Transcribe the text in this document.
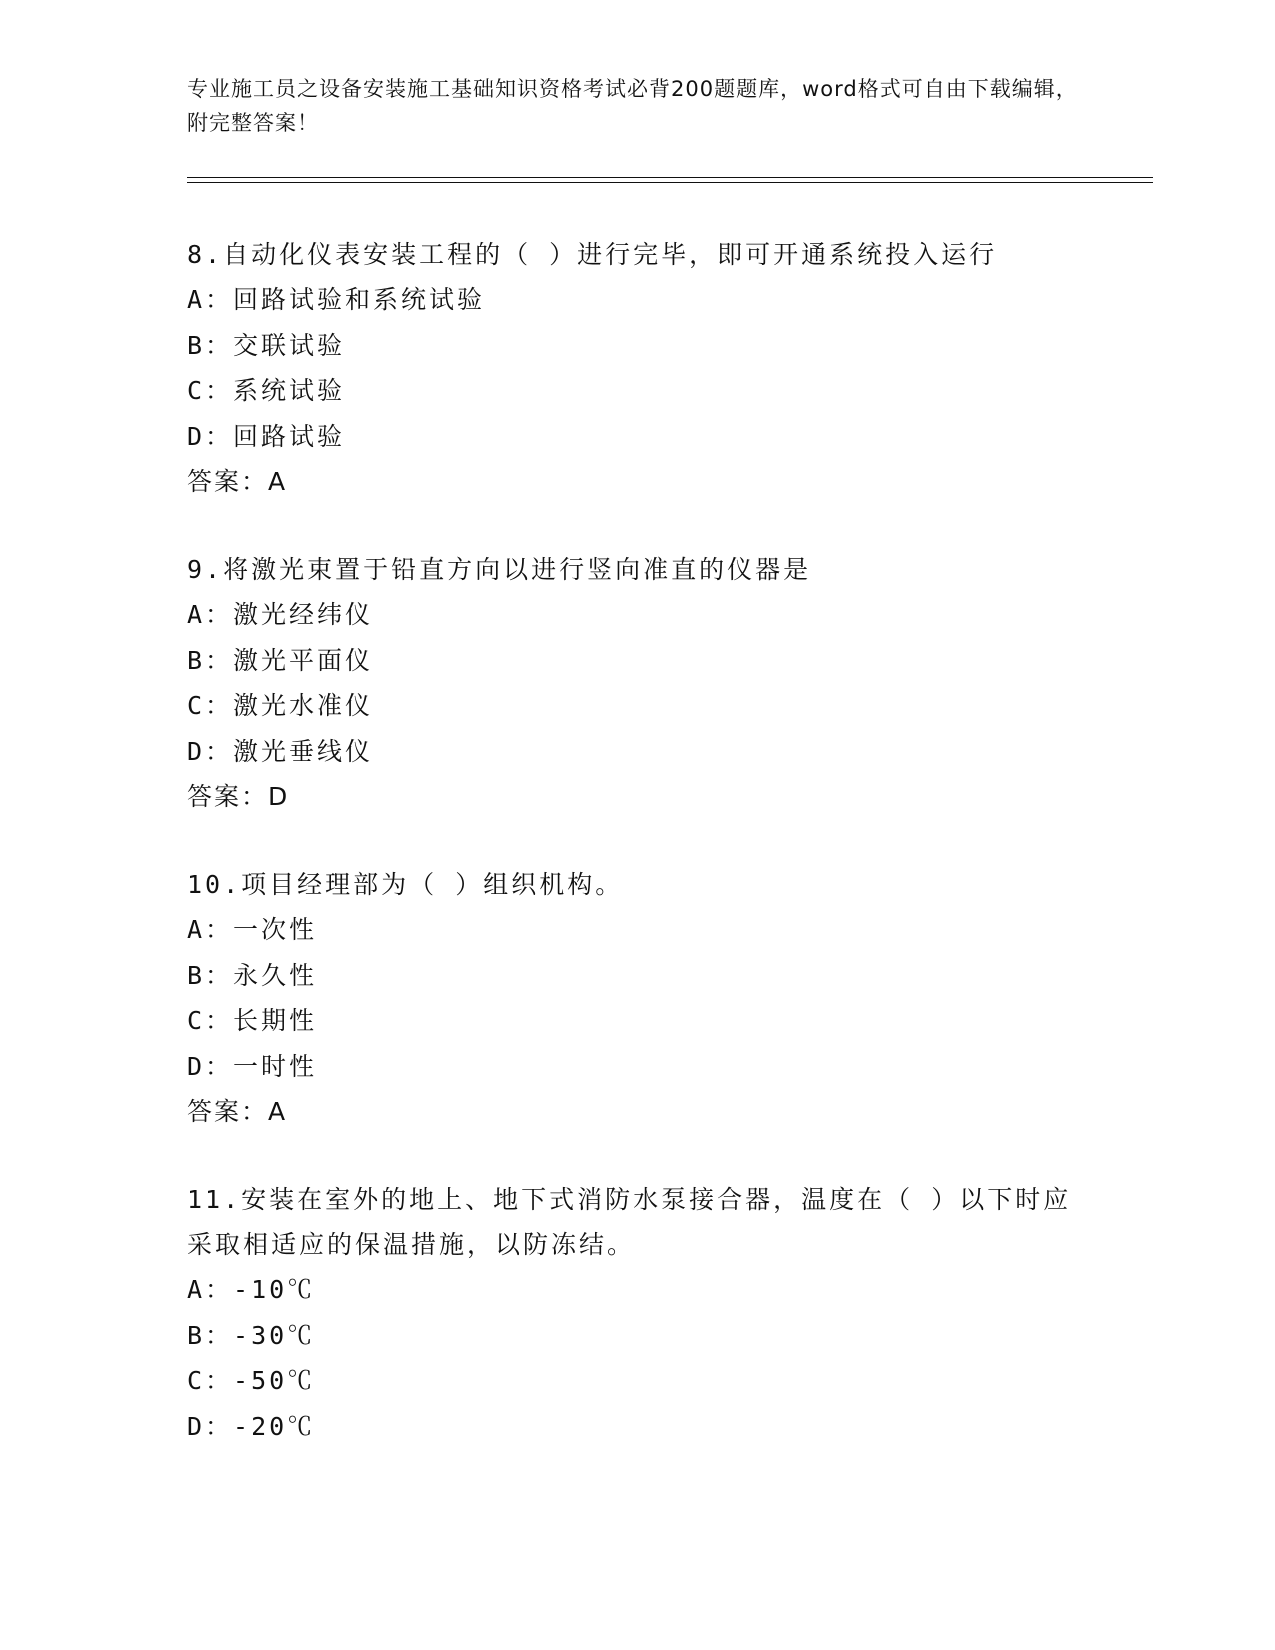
专业施工员之设备安装施工基础知识资格考试必背200题题库，word格式可自由下载编辑，附完整答案！
8.自动化仪表安装工程的（ ）进行完毕，即可开通系统投入运行
A：回路试验和系统试验
B：交联试验
C：系统试验
D：回路试验
答案：A
9.将激光束置于铅直方向以进行竖向准直的仪器是
A：激光经纬仪
B：激光平面仪
C：激光水准仪
D：激光垂线仪
答案：D
10.项目经理部为（ ）组织机构。
A：一次性
B：永久性
C：长期性
D：一时性
答案：A
11.安装在室外的地上、地下式消防水泵接合器，温度在（ ）以下时应采取相适应的保温措施，以防冻结。
A：-10℃
B：-30℃
C：-50℃
D：-20℃
